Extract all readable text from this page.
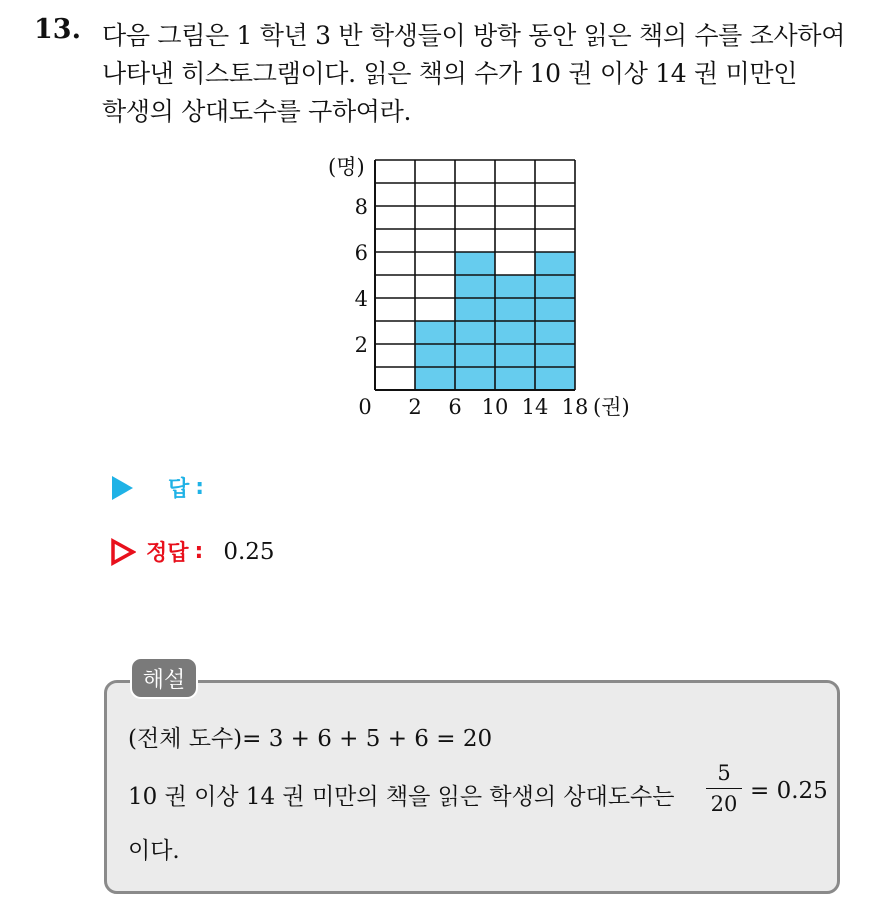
13. 다음 그림은 1 학년 3 반 학생들이 방학 동안 읽은 책의 수를 조사하여
나타낸 히스토그램이다. 읽은 책의 수가 10 권 이상 14 권 미만인
학생의 상대도수를 구하여라.
(명)
2
4
6
8
0 2 6 10 14 18 (권)
답 :
정답 : 0.25
해설
(전체 도수)= 3 + 6 + 5 + 6 = 20
10 권 이상 14 권 미만의 책을 읽은 학생의 상대도수는
5
20 = 0.25
이다.
